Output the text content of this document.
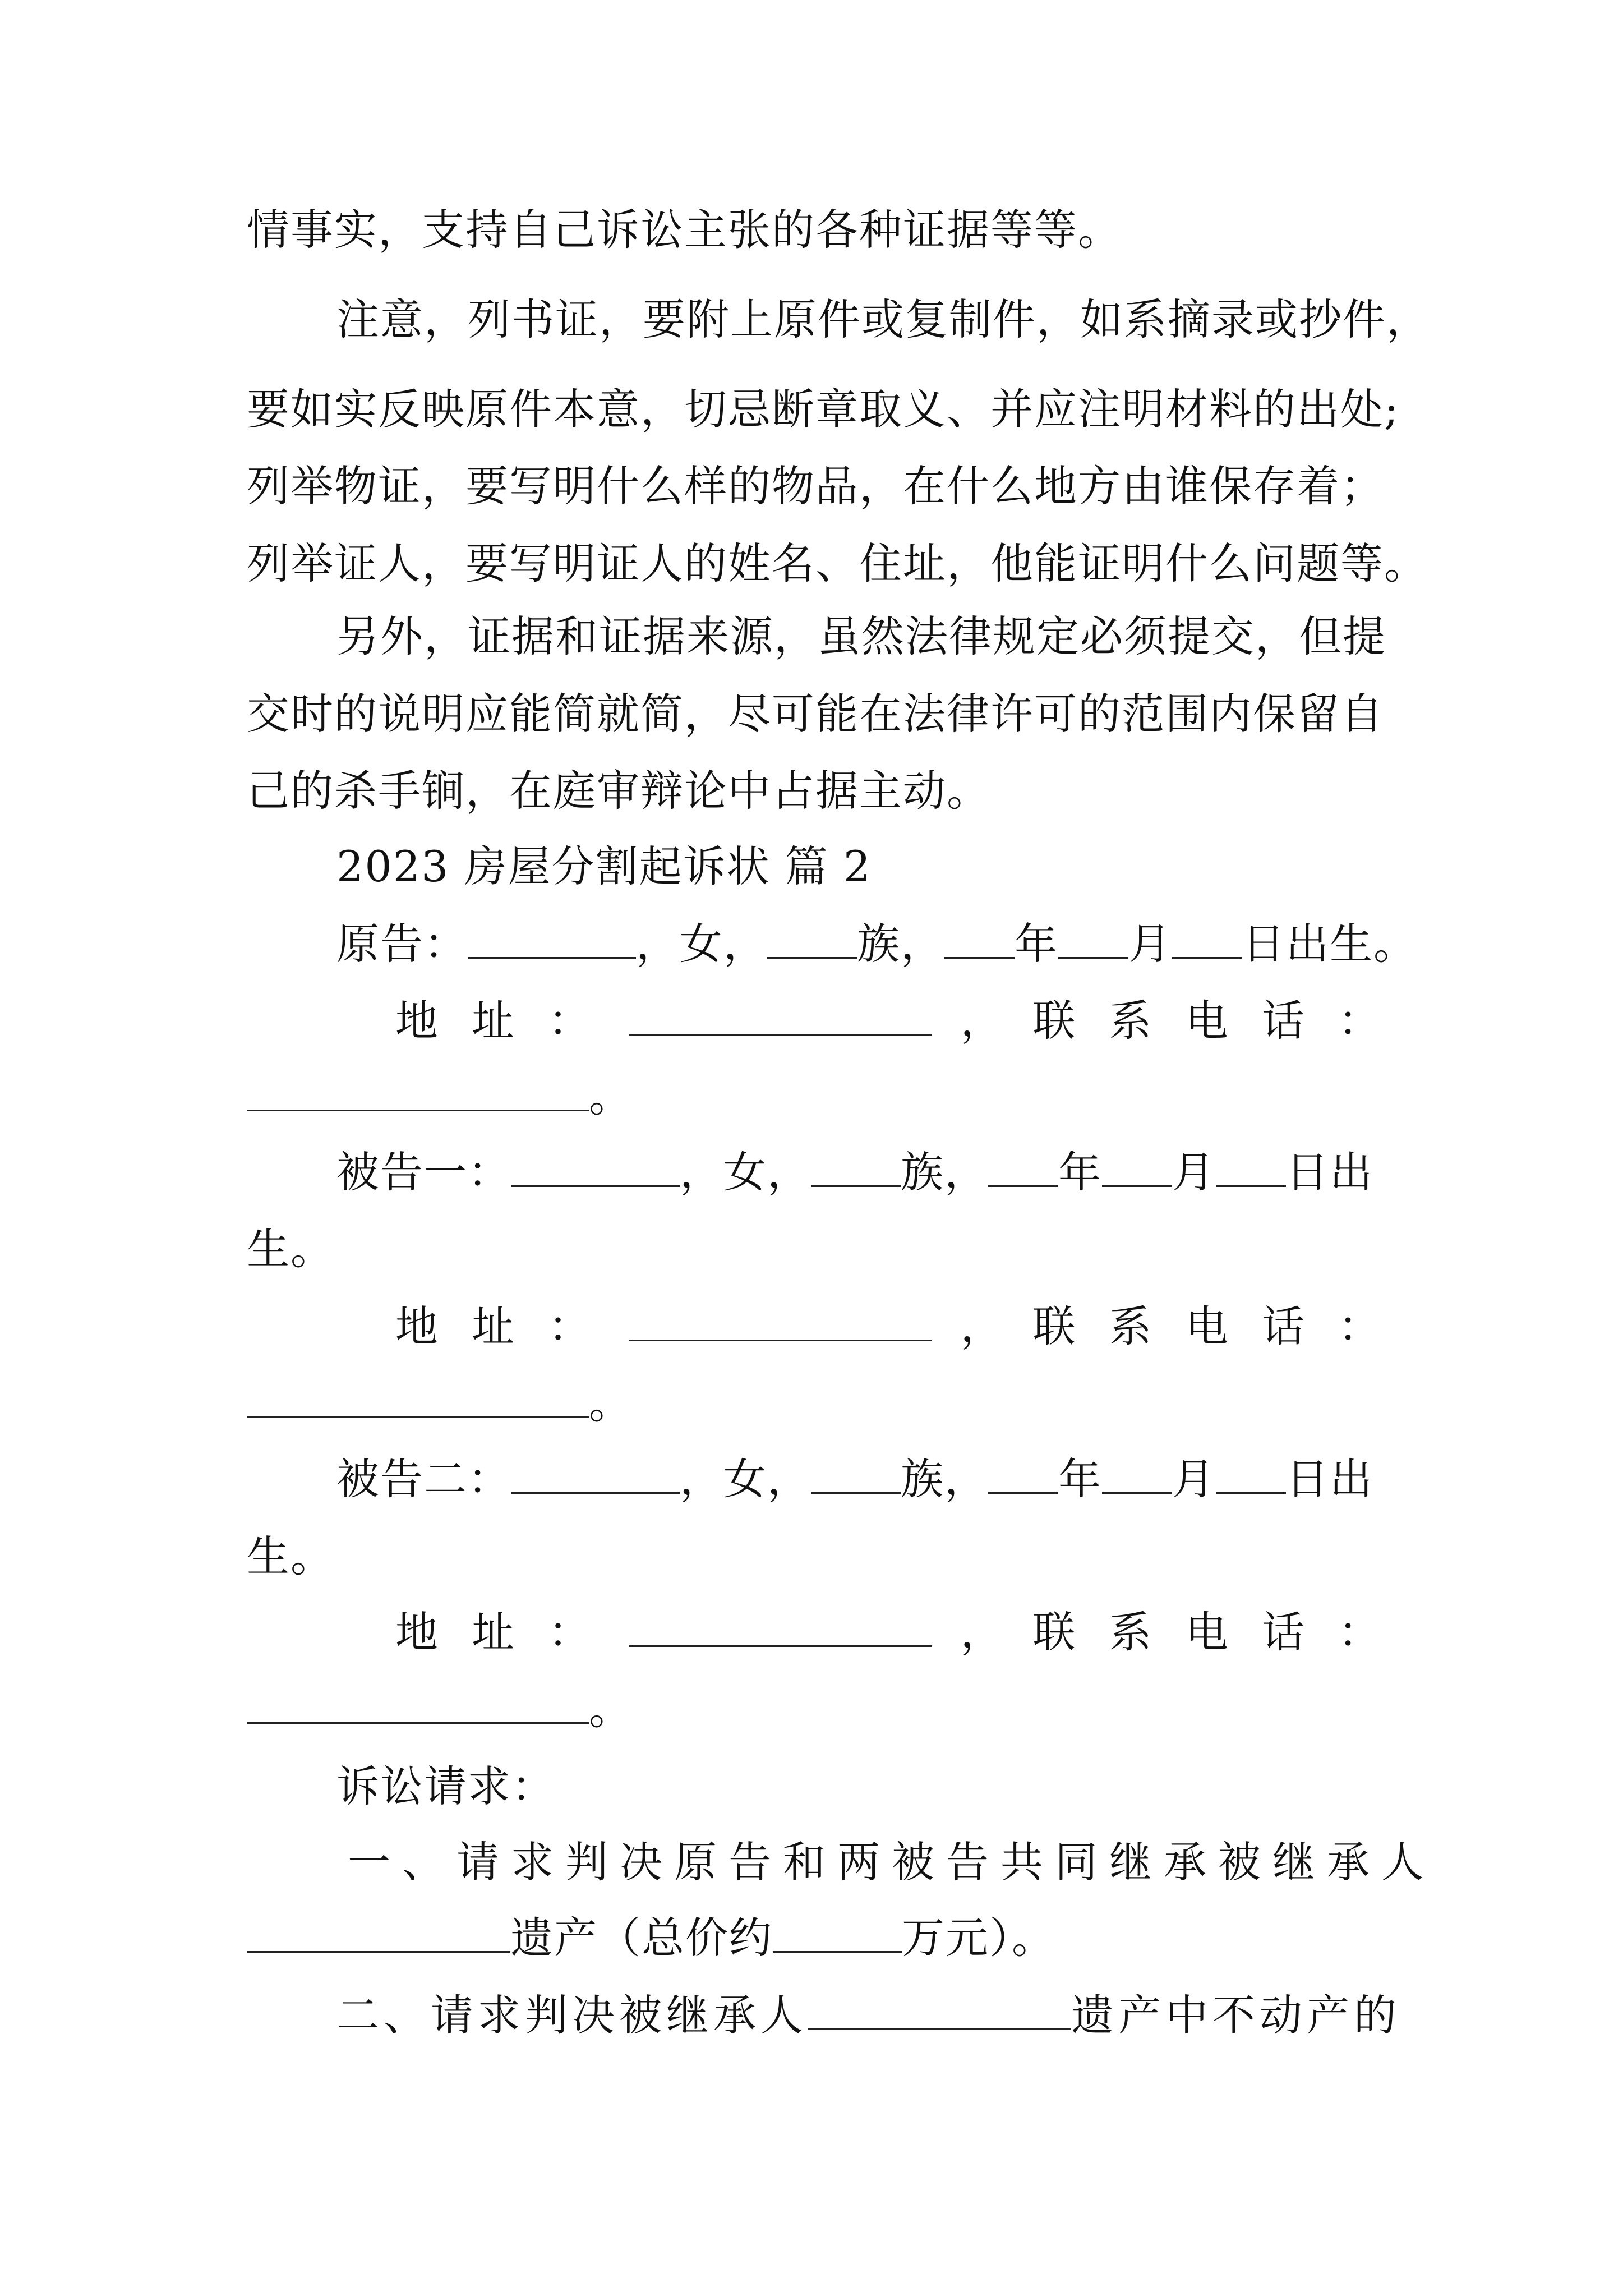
情事实，支持自己诉讼主张的各种证据等等。
注意，列书证，要附上原件或复制件，如系摘录或抄件，
要如实反映原件本意，切忌断章取义、并应注明材料的出处;
列举物证，要写明什么样的物品，在什么地方由谁保存着；
列举证人，要写明证人的姓名、住址，他能证明什么问题等。
另外，证据和证据来源，虽然法律规定必须提交，但提
交时的说明应能简就简，尽可能在法律许可的范围内保留自
己的杀手锏，在庭审辩论中占据主动。
2023 房屋分割起诉状 篇 2
原告：	，女， 族， 年 月 日出生。
地 址 ：	， 联 系 电 话 ：
。
被告一：	，女， 族， 年 月 日出
生。
地 址 ：	， 联 系 电 话 ：
。
被告二：	，女， 族， 年 月 日出
生。
地 址 ：	， 联 系 电 话 ：
。
诉讼请求：
一、请求判决原告和两被告共同继承被继承人
遗产（总价约	万元）。
二、请求判决被继承人	遗产中不动产的
